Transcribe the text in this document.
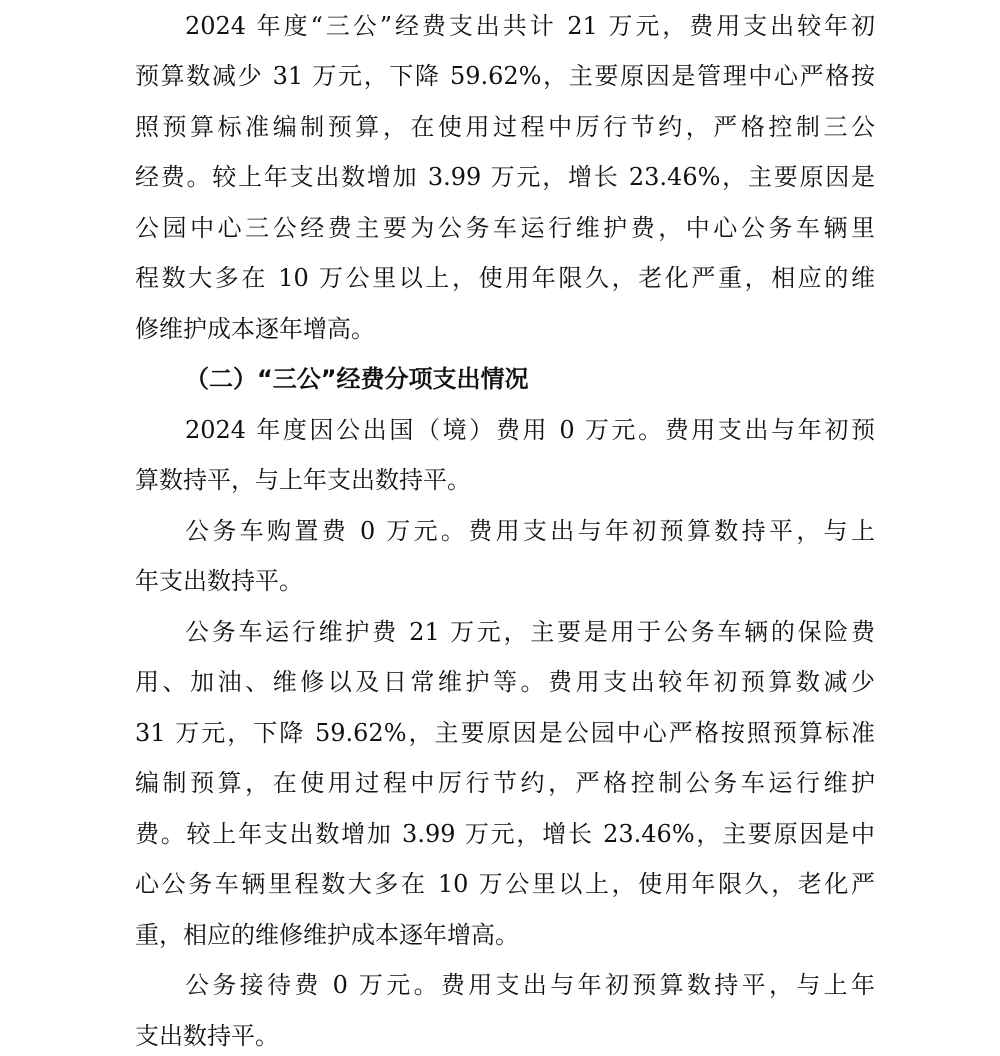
2024 年度“三公”经费支出共计 21 万元，费用支出较年初
预算数减少 31 万元，下降 59.62%，主要原因是管理中心严格按
照预算标准编制预算，在使用过程中厉行节约，严格控制三公
经费。较上年支出数增加 3.99 万元，增长 23.46%，主要原因是
公园中心三公经费主要为公务车运行维护费，中心公务车辆里
程数大多在 10 万公里以上，使用年限久，老化严重，相应的维
修维护成本逐年增高。
（二）“三公”经费分项支出情况
2024 年度因公出国（境）费用 0 万元。费用支出与年初预
算数持平，与上年支出数持平。
公务车购置费 0 万元。费用支出与年初预算数持平，与上
年支出数持平。
公务车运行维护费 21 万元，主要是用于公务车辆的保险费
用、加油、维修以及日常维护等。费用支出较年初预算数减少
31 万元，下降 59.62%，主要原因是公园中心严格按照预算标准
编制预算，在使用过程中厉行节约，严格控制公务车运行维护
费。较上年支出数增加 3.99 万元，增长 23.46%，主要原因是中
心公务车辆里程数大多在 10 万公里以上，使用年限久，老化严
重，相应的维修维护成本逐年增高。
公务接待费 0 万元。费用支出与年初预算数持平，与上年
支出数持平。
